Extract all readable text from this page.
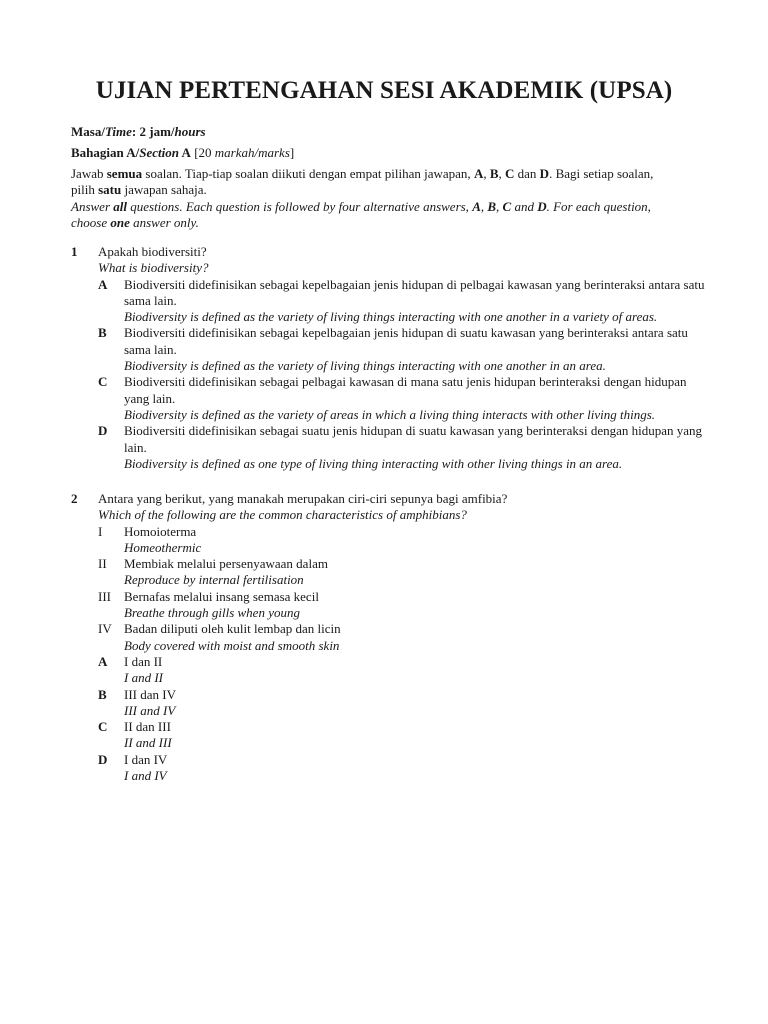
UJIAN PERTENGAHAN SESI AKADEMIK (UPSA)
Masa/Time: 2 jam/hours
Bahagian A/Section A [20 markah/marks]
Jawab semua soalan. Tiap-tiap soalan diikuti dengan empat pilihan jawapan, A, B, C dan D. Bagi setiap soalan,
pilih satu jawapan sahaja.
Answer all questions. Each question is followed by four alternative answers, A, B, C and D. For each question,
choose one answer only.
1 Apakah biodiversiti?
What is biodiversity?
A Biodiversiti didefinisikan sebagai kepelbagaian jenis hidupan di pelbagai kawasan yang berinteraksi antara satu sama lain.
Biodiversity is defined as the variety of living things interacting with one another in a variety of areas.
B Biodiversiti didefinisikan sebagai kepelbagaian jenis hidupan di suatu kawasan yang berinteraksi antara satu sama lain.
Biodiversity is defined as the variety of living things interacting with one another in an area.
C Biodiversiti didefinisikan sebagai pelbagai kawasan di mana satu jenis hidupan berinteraksi dengan hidupan yang lain.
Biodiversity is defined as the variety of areas in which a living thing interacts with other living things.
D Biodiversiti didefinisikan sebagai suatu jenis hidupan di suatu kawasan yang berinteraksi dengan hidupan yang lain.
Biodiversity is defined as one type of living thing interacting with other living things in an area.
2 Antara yang berikut, yang manakah merupakan ciri-ciri sepunya bagi amfibia?
Which of the following are the common characteristics of amphibians?
I Homoioterma
Homeothermic
II Membiak melalui persenyawaan dalam
Reproduce by internal fertilisation
III Bernafas melalui insang semasa kecil
Breathe through gills when young
IV Badan diliputi oleh kulit lembap dan licin
Body covered with moist and smooth skin
A I dan II
I and II
B III dan IV
III and IV
C II dan III
II and III
D I dan IV
I and IV
